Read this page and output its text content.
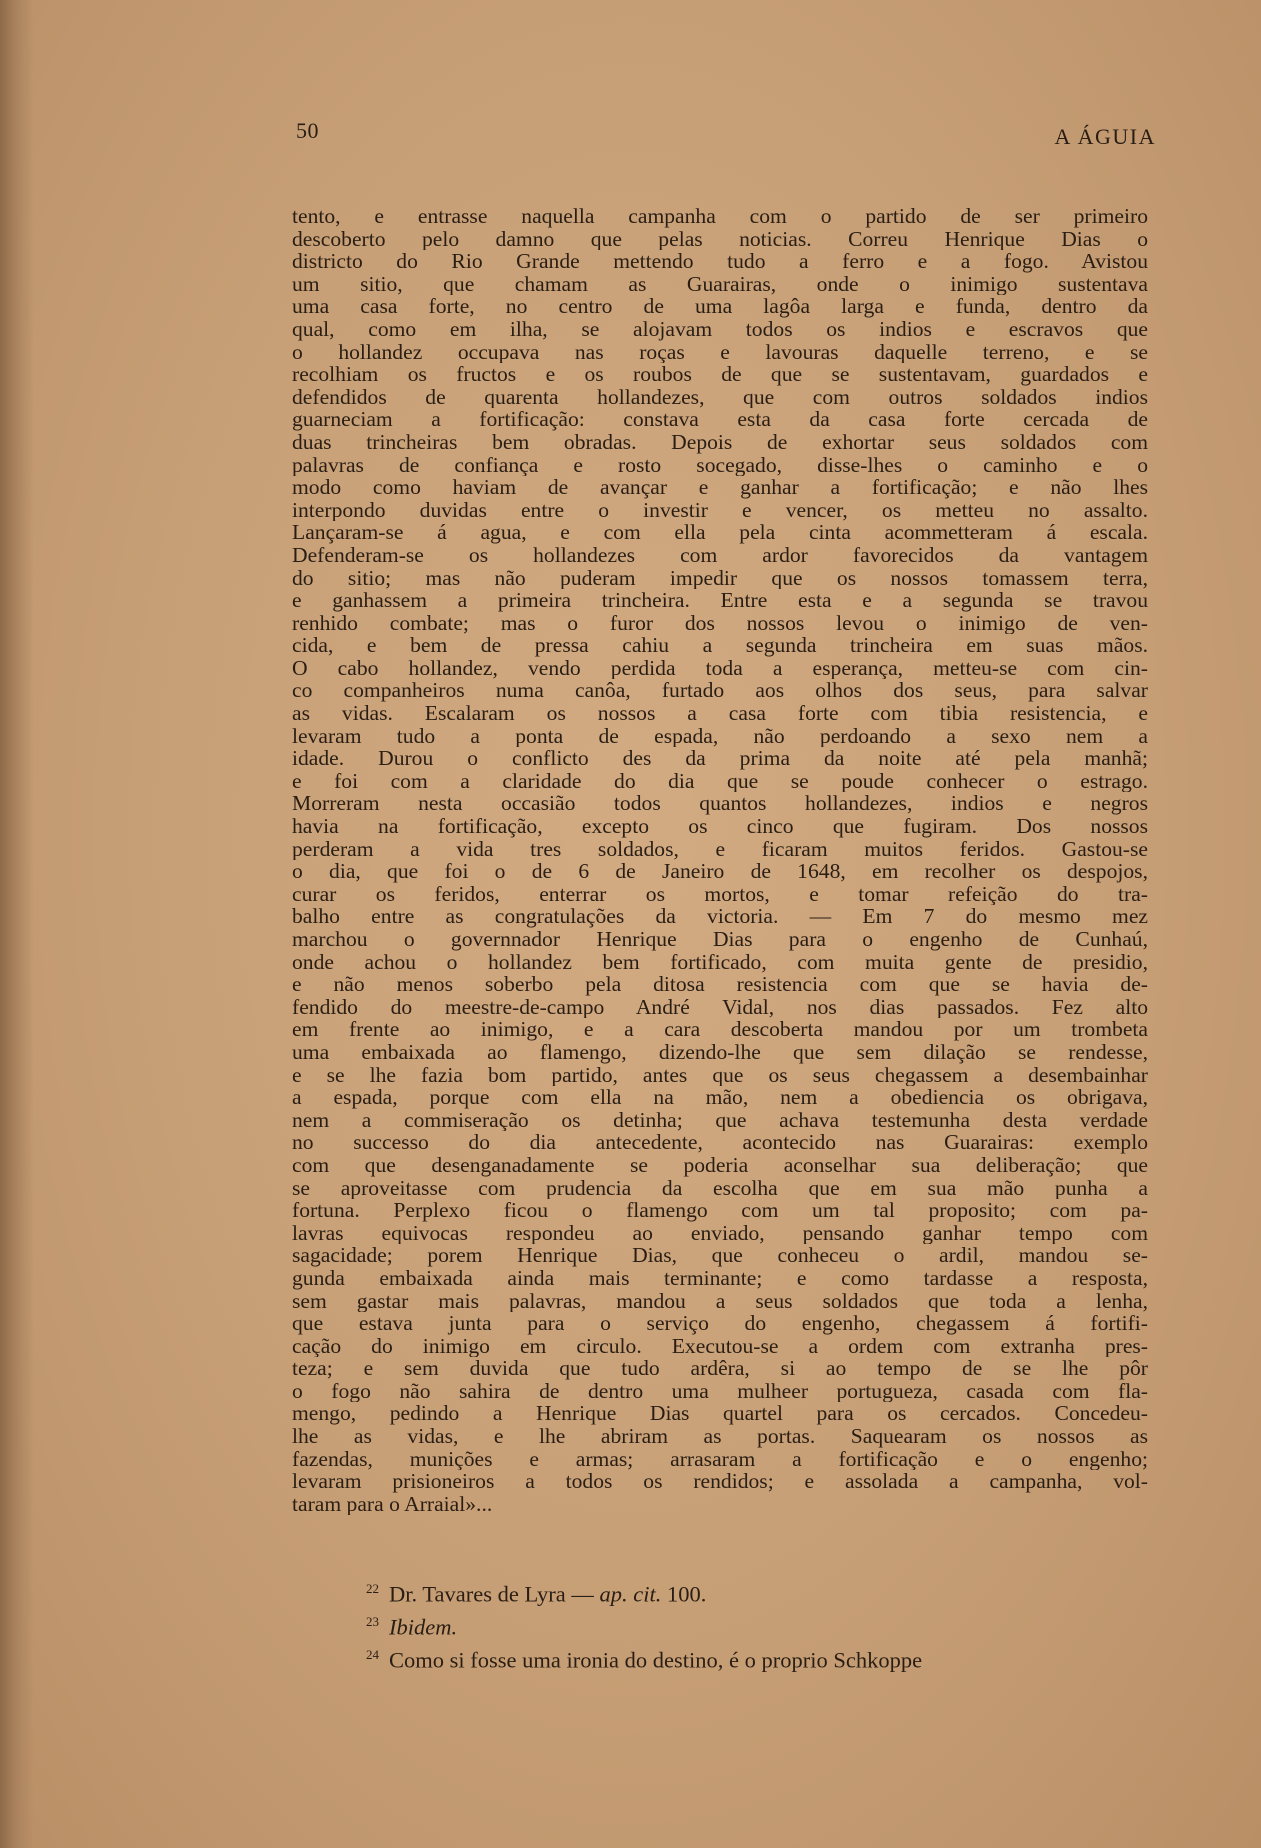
50	A ÁGUIA
tento, e entrasse naquella campanha com o partido de ser primeiro
descoberto pelo damno que pelas noticias. Correu Henrique Dias o
districto do Rio Grande mettendo tudo a ferro e a fogo. Avistou
um sitio, que chamam as Guarairas, onde o inimigo sustentava
uma casa forte, no centro de uma lagôa larga e funda, dentro da
qual, como em ilha, se alojavam todos os indios e escravos que
o hollandez occupava nas roças e lavouras daquelle terreno, e se
recolhiam os fructos e os roubos de que se sustentavam, guardados e
defendidos de quarenta hollandezes, que com outros soldados indios
guarneciam a fortificação: constava esta da casa forte cercada de
duas trincheiras bem obradas. Depois de exhortar seus soldados com
palavras de confiança e rosto socegado, disse-lhes o caminho e o
modo como haviam de avançar e ganhar a fortificação; e não lhes
interpondo duvidas entre o investir e vencer, os metteu no assalto.
Lançaram-se á agua, e com ella pela cinta acommetteram á escala.
Defenderam-se os hollandezes com ardor favorecidos da vantagem
do sitio; mas não puderam impedir que os nossos tomassem terra,
e ganhassem a primeira trincheira. Entre esta e a segunda se travou
renhido combate; mas o furor dos nossos levou o inimigo de ven-
cida, e bem de pressa cahiu a segunda trincheira em suas mãos.
O cabo hollandez, vendo perdida toda a esperança, metteu-se com cin-
co companheiros numa canôa, furtado aos olhos dos seus, para salvar
as vidas. Escalaram os nossos a casa forte com tibia resistencia, e
levaram tudo a ponta de espada, não perdoando a sexo nem a
idade. Durou o conflicto des da prima da noite até pela manhã;
e foi com a claridade do dia que se poude conhecer o estrago.
Morreram nesta occasião todos quantos hollandezes, indios e negros
havia na fortificação, excepto os cinco que fugiram. Dos nossos
perderam a vida tres soldados, e ficaram muitos feridos. Gastou-se
o dia, que foi o de 6 de Janeiro de 1648, em recolher os despojos,
curar os feridos, enterrar os mortos, e tomar refeição do tra-
balho entre as congratulações da victoria. — Em 7 do mesmo mez
marchou o governnador Henrique Dias para o engenho de Cunhaú,
onde achou o hollandez bem fortificado, com muita gente de presidio,
e não menos soberbo pela ditosa resistencia com que se havia de-
fendido do meestre-de-campo André Vidal, nos dias passados. Fez alto
em frente ao inimigo, e a cara descoberta mandou por um trombeta
uma embaixada ao flamengo, dizendo-lhe que sem dilação se rendesse,
e se lhe fazia bom partido, antes que os seus chegassem a desembainhar
a espada, porque com ella na mão, nem a obediencia os obrigava,
nem a commiseração os detinha; que achava testemunha desta verdade
no successo do dia antecedente, acontecido nas Guarairas: exemplo
com que desenganadamente se poderia aconselhar sua deliberação; que
se aproveitasse com prudencia da escolha que em sua mão punha a
fortuna. Perplexo ficou o flamengo com um tal proposito; com pa-
lavras equivocas respondeu ao enviado, pensando ganhar tempo com
sagacidade; porem Henrique Dias, que conheceu o ardil, mandou se-
gunda embaixada ainda mais terminante; e como tardasse a resposta,
sem gastar mais palavras, mandou a seus soldados que toda a lenha,
que estava junta para o serviço do engenho, chegassem á fortifi-
cação do inimigo em circulo. Executou-se a ordem com extranha pres-
teza; e sem duvida que tudo ardêra, si ao tempo de se lhe pôr
o fogo não sahira de dentro uma mulheer portugueza, casada com fla-
mengo, pedindo a Henrique Dias quartel para os cercados. Concedeu-
lhe as vidas, e lhe abriram as portas. Saquearam os nossos as
fazendas, munições e armas; arrasaram a fortificação e o engenho;
levaram prisioneiros a todos os rendidos; e assolada a campanha, vol-
taram para o Arraial»...
$^{22}$ Dr. Tavares de Lyra — ap. cit. 100.
$^{23}$ Ibidem.
$^{24}$ Como si fosse uma ironia do destino, é o proprio Schkoppe
